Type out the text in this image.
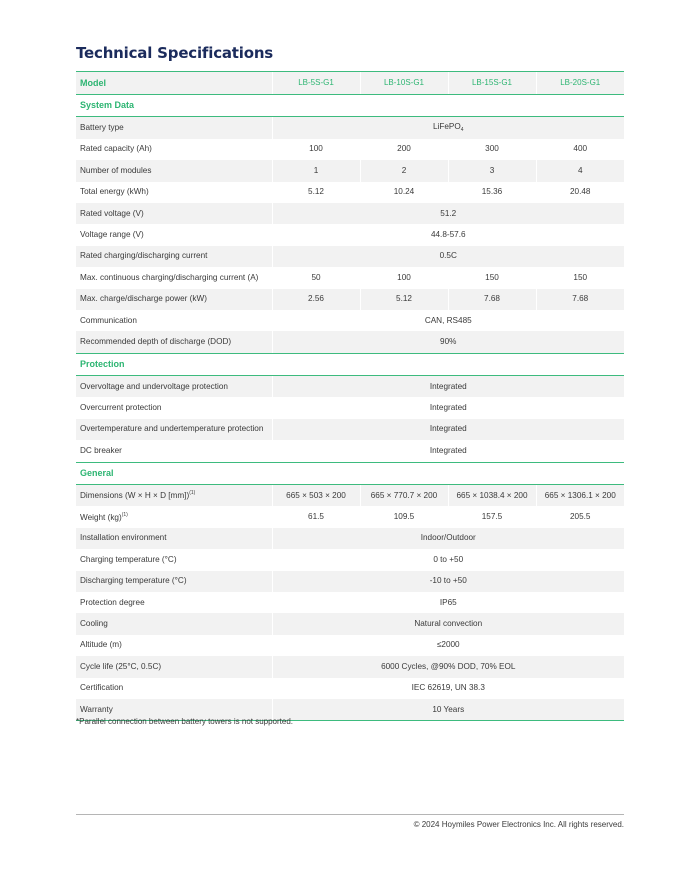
Technical Specifications
Model	LB-5S-G1	LB-10S-G1	LB-15S-G1	LB-20S-G1
System Data				
Battery type	LiFePO$_4$
Rated capacity (Ah)	100	200	300	400
Number of modules	1	2	3	4
Total energy (kWh)	5.12	10.24	15.36	20.48
Rated voltage (V)	51.2			
Voltage range (V)	44.8-57.6			
Rated charging/discharging current	0.5C			
Max. continuous charging/discharging current (A)	50	100	150	150
Max. charge/discharge power (kW)	2.56	5.12	7.68	7.68
Communication	CAN, RS485			
Recommended depth of discharge (DOD)	90%			
Protection				
Overvoltage and undervoltage protection	Integrated			
Overcurrent protection	Integrated			
Overtemperature and undertemperature protection	Integrated			
DC breaker	Integrated			
General				
Dimensions (W × H × D [mm])$^{(1)}$	665 × 503 × 200	665 × 770.7 × 200	665 × 1038.4 × 200	665 × 1306.1 × 200
Weight (kg)$^{(1)}$	61.5	109.5	157.5	205.5
Installation environment	Indoor/Outdoor			
Charging temperature (°C)	0 to +50			
Discharging temperature (°C)	-10 to +50			
Protection degree	IP65			
Cooling	Natural convection			
Altitude (m)	≤2000			
Cycle life (25°C, 0.5C)	6000 Cycles, @90% DOD, 70% EOL			
Certification	IEC 62619, UN 38.3			
Warranty	10 Years			
*Parallel connection between battery towers is not supported.
© 2024 Hoymiles Power Electronics Inc. All rights reserved.
